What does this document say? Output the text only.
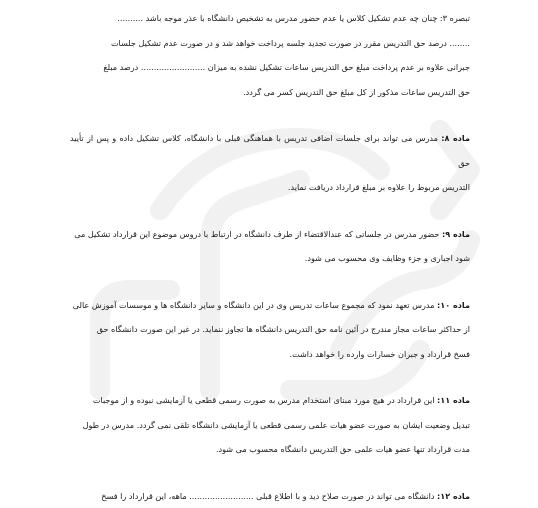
تبصره ۳: چنان چه عدم تشکیل کلاس یا عدم حضور مدرس به تشخیص دانشگاه با عذر موجه باشد ..........
........ درصد حق التدریس مقرر در صورت تجدید جلسه پرداخت خواهد شد و در صورت عدم تشکیل جلسات
جبرانی علاوه بر عدم پرداخت مبلغ حق التدریس ساعات تشکیل نشده به میزان ......................... درصد مبلغ
حق التدریس ساعات مذکور از کل مبلغ حق التدریس کسر می گردد.

ماده ۸: مدرس می تواند برای جلسات اضافی تدریس با هماهنگی قبلی با دانشگاه، کلاس تشکیل داده و پس از تأیید حق
التدریس مربوط را علاوه بر مبلغ قرارداد دریافت نماید.

ماده ۹: حضور مدرس در جلساتی که عندالاقتضاء از طرف دانشگاه در ارتباط با دروس موضوع این قرارداد تشکیل می
شود اجباری و جزء وظایف وی محسوب می شود.

ماده ۱۰: مدرس تعهد نمود که مجموع ساعات تدریس وی در این دانشگاه و سایر دانشگاه ها و موسسات آموزش عالی
از حداکثر ساعات مجاز مندرج در آئین نامه حق التدریس دانشگاه ها تجاوز ننماید. در غیر این صورت دانشگاه حق
فسخ قرارداد و جبران خسارات وارده را خواهد داشت.

ماده ۱۱: این قرارداد در هیچ مورد مبنای استخدام مدرس به صورت رسمی قطعی یا آزمایشی نبوده و از موجبات
تبدیل وضعیت ایشان به صورت عضو هیات علمی رسمی قطعی یا آزمایشی دانشگاه تلقی نمی گردد. مدرس در طول
مدت قرارداد تنها عضو هیات علمی حق التدریس دانشگاه محسوب می شود.

ماده ۱۲: دانشگاه می تواند در صورت صلاح دید و با اطلاع قبلی ......................... ماهه، این قرارداد را فسخ
